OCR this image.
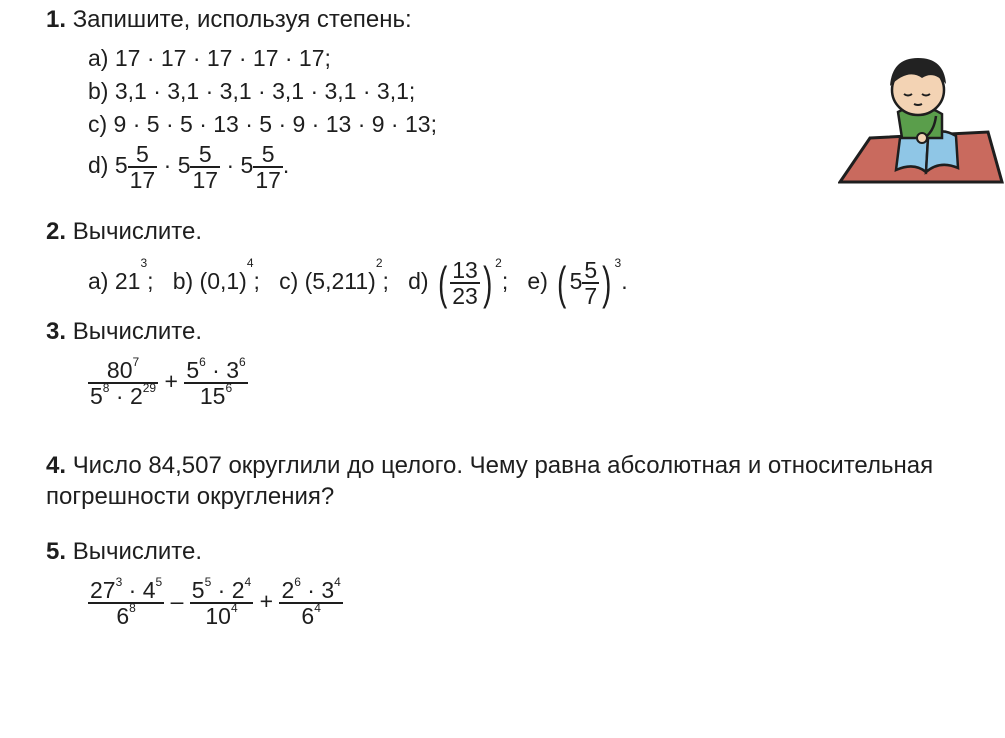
1. Запишите, используя степень:
а) 17 · 17 · 17 · 17 · 17;
b) 3,1 · 3,1 · 3,1 · 3,1 · 3,1 · 3,1;
c) 9 · 5 · 5 · 13 · 5 · 9 · 13 · 9 · 13;
d) $5 \frac{5}{17} \cdot 5 \frac{5}{17} \cdot 5 \frac{5}{17}$ .
2. Вычислите.
а) $21^3$; b) $(0,1)^4$; c) $(5,211)^2$; d) ( $\frac{13}{23}$ ) $^2$; e) ( $5 \frac{5}{7}$ ) $^3$.
3. Вычислите.
$\frac{80^7}{5^8 \cdot 2^{29}} + \frac{5^6 \cdot 3^6}{15^6}$
4. Число 84,507 округлили до целого. Чему равна абсолютная и относительная погрешности округления?
5. Вычислите.
$\frac{27^3 \cdot 4^5}{6^8} - \frac{5^5 \cdot 2^4}{10^4} + \frac{2^6 \cdot 3^4}{6^4}$
